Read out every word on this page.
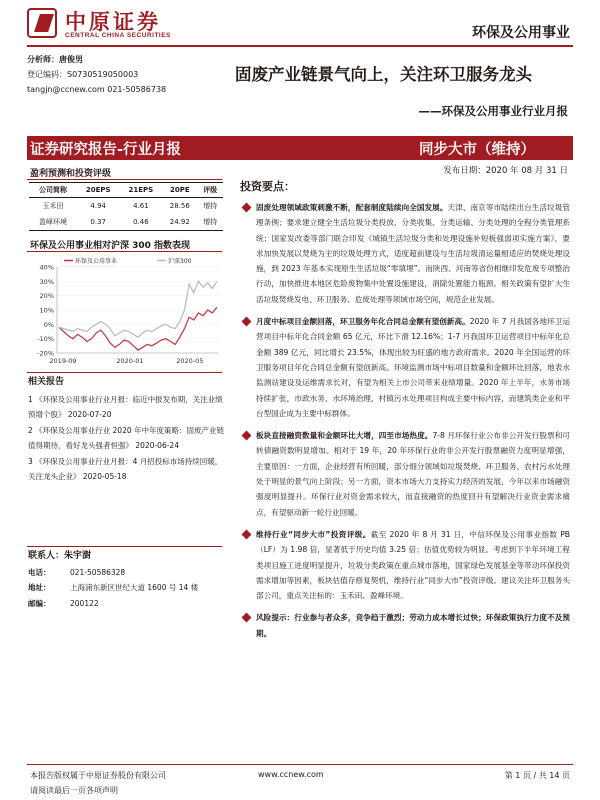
中原证券
CENTRAL CHINA SECURITIES	环保及公用事业
分析师：唐俊男
登记编码：S0730519050003
tangjn@ccnew.com 021-50586738
固废产业链景气向上，关注环卫服务龙头
——环保及公用事业行业月报
证券研究报告-行业月报	同步大市（维持）
发布日期：2020 年 08 月 31 日
盈利预测和投资评级
公司简称	20EPS	21EPS	20PE	评级
玉禾田	4.94	4.61	28.56	增持
盈峰环境	0.37	0.46	24.92	增持
环保及公用事业相对沪深 300 指数表现
40%
30%
20%
10%
0%
-10%
-20%
2019-09	2020-01	2020-05
环保及公用事业	沪深300
相关报告
1 《环保及公用事业行业月报：临近中报发布期，关注业绩预增个股》 2020-07-20
2 《环保及公用事业行业 2020 年中年度策略：固废产业链值得期待，看好龙头强者恒强》 2020-06-24
3 《环保及公用事业行业月报：4 月招投标市场持续回暖，关注龙头企业》 2020-05-18
联系人：朱宇澍
电话：	021-50586328
地址：	上海浦东新区世纪大道 1600 号 14 楼
邮编：	200122
投资要点：
固废处理领域政策刺激不断，配套制度陆续向全国发展。天津、南京等市陆续出台生活垃圾管理条例；要求建立健全生活垃圾分类投放、分类收集、分类运输、分类处理的全程分类管理系统；国家发改委等部门联合印发《城镇生活垃圾分类和处理设施补短板强弱项实施方案》，要求加快发展以焚烧为主的垃圾处理方式，适度超前建设与生活垃圾清运量相适应的焚烧处理设施，到 2023 年基本实现原生生活垃圾“零填埋”。而陕西、河南等省份相继印发危废专项整治行动，加快推进本地区危险废物集中处置设施建设，消除处置能力瓶颈。相关政策有望扩大生活垃圾焚烧发电、环卫服务、危废处理等领域市场空间，规范企业发展。
月度中标项目金额回落，环卫服务年化合同总金额有望创新高。2020 年 7 月我国各地环卫运营项目中标年化合同金额 65 亿元，环比下滑 12.16%；1-7 月我国环卫运营项目中标年化总金额 389 亿元，同比增长 23.5%，体现出较为旺盛的地方政府需求。2020 年全国运营的环卫服务项目年化合同总金额有望创新高。环境监测市场中标项目数量和金额环比回落，地表水监测站建设及运维需求长对，有望为相关上市公司带来业绩增量。2020 年上半年，水务市场持续扩张，市政水务、水环境治理、村镇污水处理项目构成主要中标内容，而建筑类企业和平台型国企成为主要中标群体。
板块直接融资数量和金额环比大增，四至市场热度。7-8 月环保行业公布非公开发行股票和可转债融资数明显增加。相对于 19 年，20 年环保行业的非公开发行股票融资力度明显增强，主要原因：一方面，企业经营有所回暖，部分细分领域如垃圾焚烧、环卫服务、农村污水处理处于明显的景气向上阶段；另一方面，资本市场大力支持实力经济的发展，今年以来市场融资强度明显提升。环保行业对资金需求较大，而直接融资的热度回升有望解决行业资金需求痛点，有望驱动新一轮行业回暖。
维持行业“同步大市”投资评级。截至 2020 年 8 月 31 日，中信环保及公用事业指数 PB（LF）为 1.98 倍，显著低于历史均值 3.25 倍；估值优势较为明显。考虑到下半年环境工程类项目施工进度明显提升，垃圾分类政策在重点城市落地，国家绿色发展基金等带动环保投资需求增加等因素，板块估值存修复契机，维持行业“同步大市”投资评级。建议关注环卫服务头部公司，重点关注标的：玉禾田、盈峰环境。
风险提示：行业参与者众多，竞争趋于激烈；劳动力成本增长过快；环保政策执行力度不及预期。
本报告版权属于中原证券股份有限公司
请阅读最后一页各项声明
www.ccnew.com	第 1 页 / 共 14 页
